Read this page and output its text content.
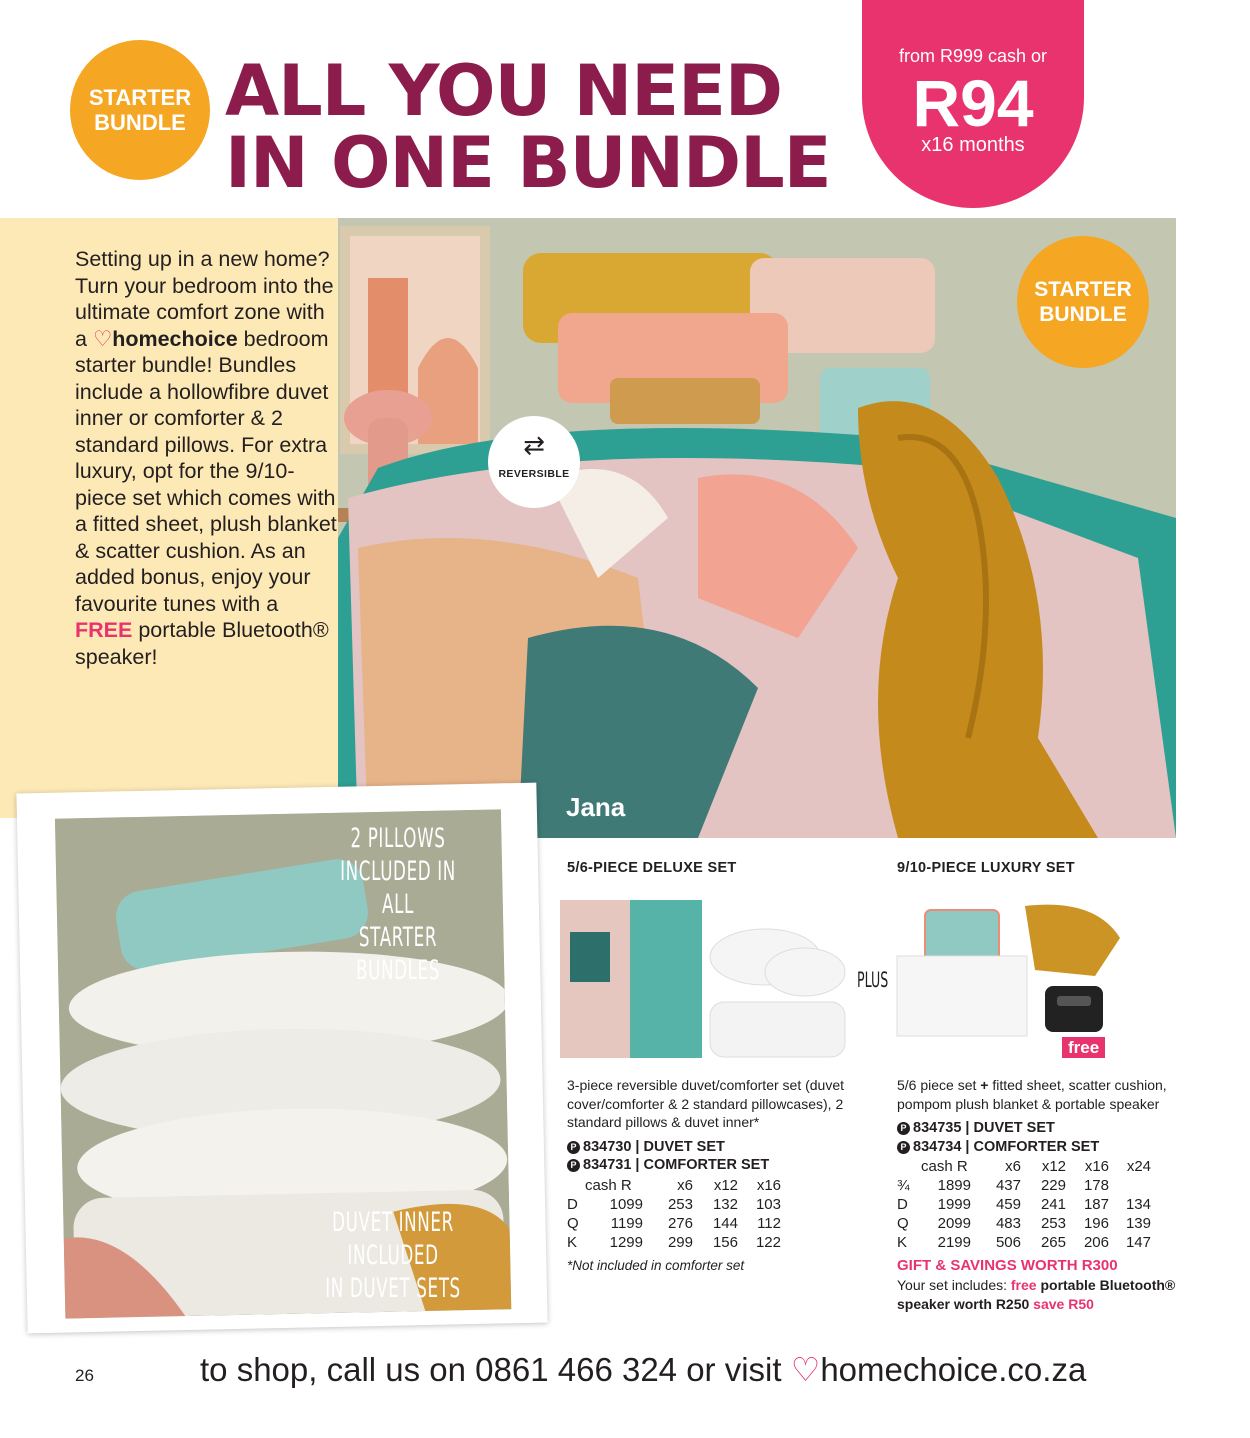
STARTER
BUNDLE ALL YOU NEED
IN ONE BUNDLE
from R999 cash or
R94
x16 months
Setting up in a new home? Turn your bedroom into the ultimate comfort zone with a ♡homechoice bedroom starter bundle! Bundles include a hollowfibre duvet inner or comforter & 2 standard pillows. For extra luxury, opt for the 9/10-piece set which comes with a fitted sheet, plush blanket & scatter cushion. As an added bonus, enjoy your favourite tunes with a FREE portable Bluetooth® speaker!
STARTER
BUNDLE
⇄
REVERSIBLE
Jana
2 PILLOWS
INCLUDED IN ALL
STARTER BUNDLES
DUVET INNER INCLUDED
IN DUVET SETS
5/6-PIECE DELUXE SET
3-piece reversible duvet/comforter set (duvet cover/comforter & 2 standard pillowcases), 2 standard pillows & duvet inner*
P 834730 | DUVET SET
P 834731 | COMFORTER SET
	cash R	x6	x12	x16
D	1099	253	132	103
Q	1199	276	144	112
K	1299	299	156	122
*Not included in comforter set
9/10-PIECE LUXURY SET
PLUS
free
5/6 piece set + fitted sheet, scatter cushion, pompom plush blanket & portable speaker
P 834735 | DUVET SET
P 834734 | COMFORTER SET
	cash R	x6	x12	x16	x24
¾	1899	437	229	178	
D	1999	459	241	187	134
Q	2099	483	253	196	139
K	2199	506	265	206	147
GIFT & SAVINGS WORTH R300
Your set includes: free portable Bluetooth® speaker worth R250 save R50
26	to shop, call us on 0861 466 324 or visit ♡homechoice.co.za
